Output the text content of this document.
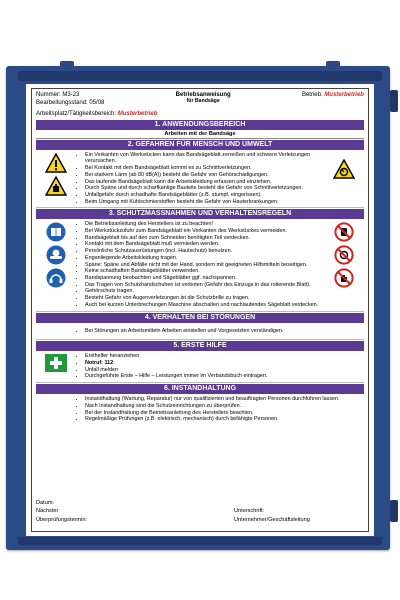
Nummer: M3-23
Bearbeitungsstand: 05/08
Betriebsanweisung
für Bandsäge
Betrieb: Musterbetrieb
Arbeitsplatz/Tätigkeitsbereich: Musterbetrieb
1. ANWENDUNGSBEREICH
Arbeiten mit der Bandsäge
2. GEFAHREN FÜR MENSCH UND UMWELT
• Ein Verkanten von Werkstücken kann das Bandsägeblatt zerreißen und schwere Verletzungen verursachen.
• Bei Kontakt mit dem Bandsägeblatt kommt es zu Schnittverletzungen.
• Bei starkem Lärm (ab 80 dB(A)) besteht die Gefahr von Gehörschädigungen.
• Das laufende Bandsägeblatt kann die Arbeitskleidung erfassen und einziehen.
• Durch Späne und durch scharfkantige Bauteile besteht die Gefahr von Schnittverletzungen.
• Unfallgefahr durch schadhafte Bandsägeblätter (z.B. stumpf, eingerissen).
• Beim Umgang mit Kühlschmierstoffen besteht die Gefahr von Hauterkrankungen.
3. SCHUTZMASSNAHMEN UND VERHALTENSREGELN
• Die Betriebsanleitung des Herstellers ist zu beachten!
• Bei Werkstückzufuhr zum Bandsägeblatt ein Verkanten des Werkstückes vermeiden.
• Bandsägeblatt bis auf den zum Schneiden benötigten Teil verdecken.
• Kontakt mit dem Bandsägeblatt muß vermieden werden.
• Persönliche Schutzausrüstungen (incl. Hautschutz) benutzen.
• Enganliegende Arbeitskleidung tragen.
• Späne: Späne und Abfälle nicht mit der Hand, sondern mit geeigneten Hilfsmitteln beseitigen.
• Keine schadhaften Bandsägeblätter verwenden.
• Bandspannung beobachten und Sägeblätter ggf. nachspannen.
• Das Tragen von Schutzhandschuhen ist verboten (Gefahr des Einzugs in das rotierende Blatt).
• Gehörschutz tragen.
• Besteht Gefahr von Augenverletzungen ist die Schutzbrille zu tragen.
• Auch bei kurzen Unterbrechungen Maschine abschalten und nachlaufendes Sägeblatt verdecken.
4. VERHALTEN BEI STÖRUNGEN
• Bei Störungen an Arbeitsmitteln Arbeiten einstellen und Vorgesetzten verständigen.
5. ERSTE HILFE
• Ersthelfer heranziehen
• Notruf: 112
• Unfall melden
• Durchgeführte Erste – Hilfe – Leistungen immer im Verbandsbuch eintragen.
6. INSTANDHALTUNG
• Instandhaltung (Wartung, Reparatur) nur von qualifizierten und beauftragten Personen durchführen lassen.
• Nach Instandhaltung sind die Schutzeinrichtungen zu überprüfen.
• Bei der Instandhaltung die Betriebsanleitung des Herstellers beachten.
• Regelmäßige Prüfungen (z.B. elektrisch, mechanisch) durch befähigte Personen.
Datum:
Nächster	Unterschrift:
Überprüfungstermin:	Unternehmer/Geschäftsleitung
